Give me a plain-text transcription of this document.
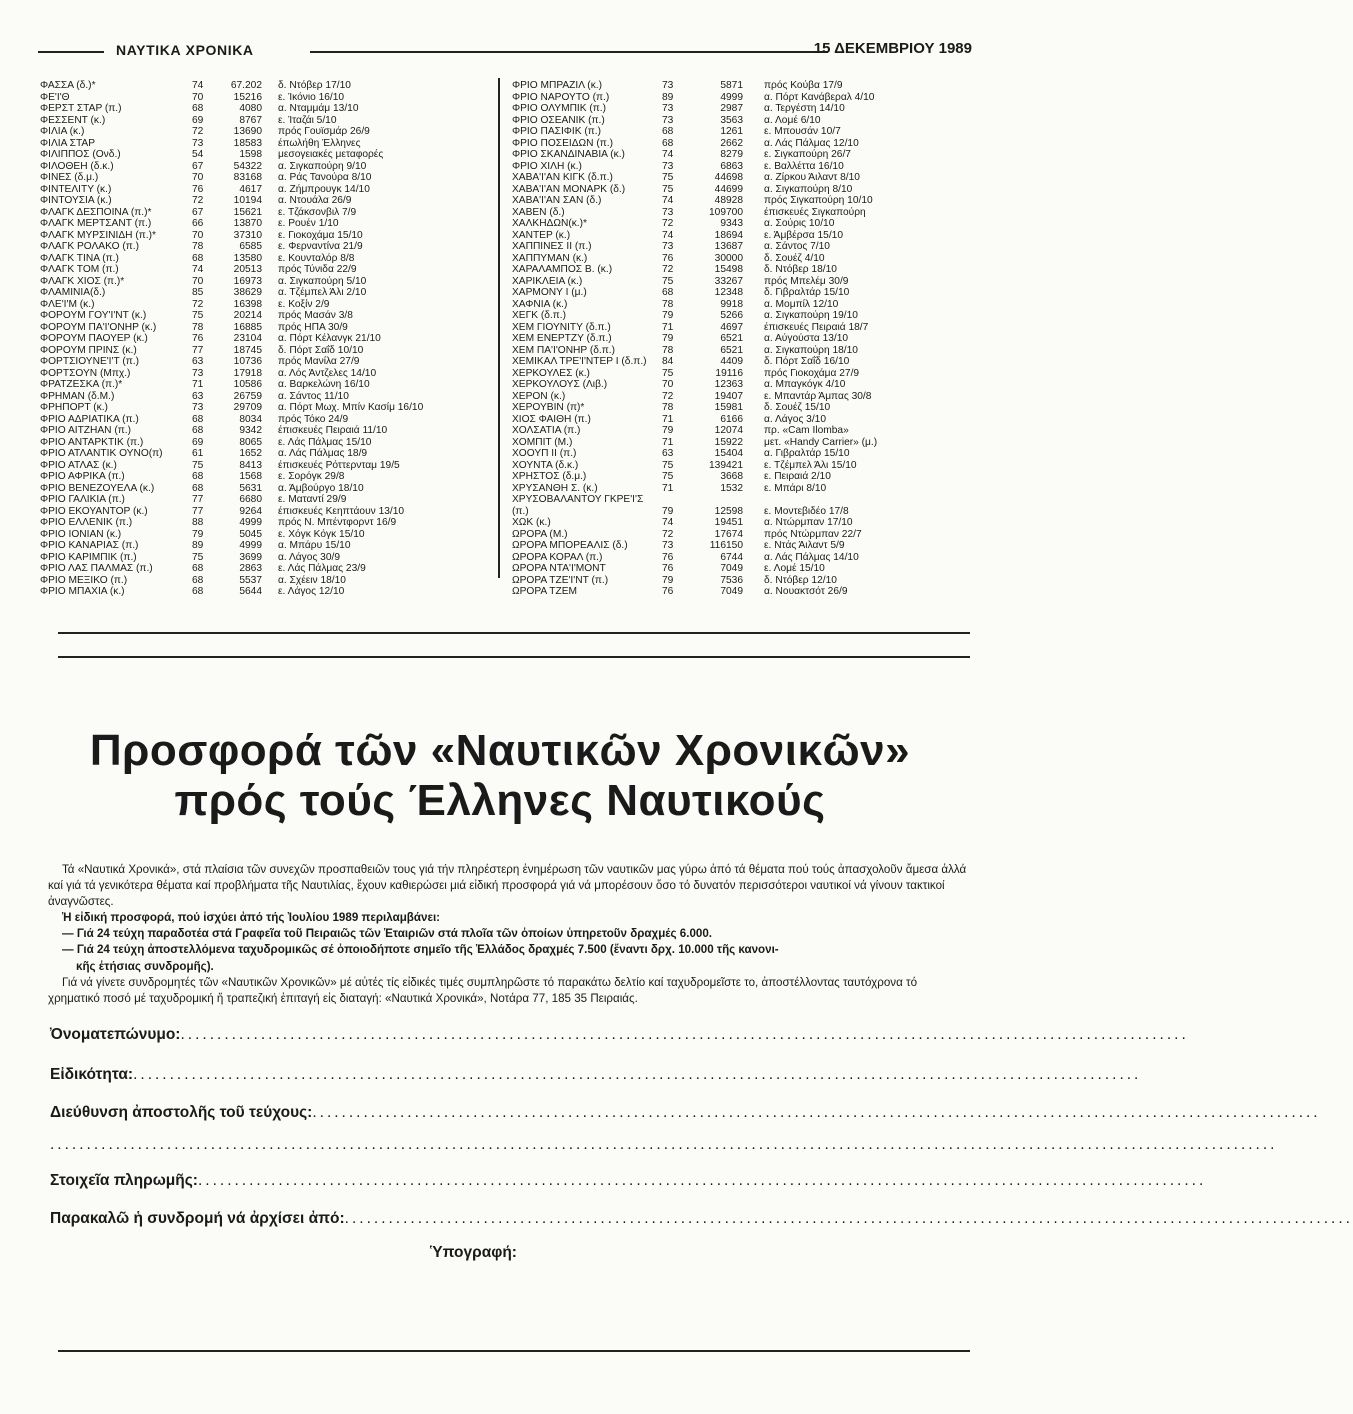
ΝΑΥΤΙΚΑ ΧΡΟΝΙΚΑ	15 ΔΕΚΕΜΒΡΙΟΥ 1989
ΦΑΣΣΑ (δ.)*	74	67.202 δ. Ντόβερ 17/10
ΦΕ'Ι'Θ	70	15216 ε. Ίκόνιο 16/10
ΦΕΡΣΤ ΣΤΑΡ (π.)	68	4080 α. Νταμμάμ 13/10
ΦΕΣΣΕΝΤ (κ.)	69	8767 ε. Ίταζάι 5/10
ΦΙΛΙΑ (κ.)	72	13690 πρός Γουϊσμάρ 26/9
ΦΙΛΙΑ ΣΤΑΡ	73	18583 έπωλήθη Έλληνες
ΦΙΛΙΠΠΟΣ (Ονδ.)	54	1598 μεσογειακές μεταφορές
ΦΙΛΟΘΕΗ (δ.κ.)	67	54322 α. Σιγκαπούρη 9/10
ΦΙΝΕΣ (δ.μ.)	70	83168 α. Ράς Τανούρα 8/10
ΦΙΝΤΕΛΙΤΥ (κ.)	76	4617 α. Ζήμπρουγκ 14/10
ΦΙΝΤΟΥΣΙΑ (κ.)	72	10194 α. Ντουάλα 26/9
ΦΛΑΓΚ ΔΕΣΠΟΙΝΑ (π.)*	67	15621 ε. Τζάκσονβιλ 7/9
ΦΛΑΓΚ ΜΕΡΤΣΑΝΤ (π.)	66	13870 ε. Ρουέν 1/10
ΦΛΑΓΚ ΜΥΡΣΙΝΙΔΗ (π.)*	70	37310 ε. Γιοκοχάμα 15/10
ΦΛΑΓΚ ΡΟΛΑΚΟ (π.)	78	6585 ε. Φερναντίνα 21/9
ΦΛΑΓΚ ΤΙΝΑ (π.)	68	13580 ε. Κουνταλόρ 8/8
ΦΛΑΓΚ ΤΟΜ (π.)	74	20513 πρός Τύνιδα 22/9
ΦΛΑΓΚ ΧΙΟΣ (π.)*	70	16973 α. Σιγκαπούρη 5/10
ΦΛΑΜΙΝΙΑ(δ.)	85	38629 α. Τζέμπελ Άλι 2/10
ΦΛΕ'Ι'Μ (κ.)	72	16398 ε. Κοξίν 2/9
ΦΟΡΟΥΜ ΓΟΥ'Ι'ΝΤ (κ.)	75	20214 πρός Μασάν 3/8
ΦΟΡΟΥΜ ΠΑ'Ι'ΟΝΗΡ (κ.)	78	16885 πρός ΗΠΑ 30/9
ΦΟΡΟΥΜ ΠΑΟΥΕΡ (κ.)	76	23104 α. Πόρτ Κέλανγκ 21/10
ΦΟΡΟΥΜ ΠΡΙΝΣ (κ.)	77	18745 δ. Πόρτ Σαΐδ 10/10
ΦΟΡΤΣΙΟΥΝΕ'Ι'Τ (π.)	63	10736 πρός Μανίλα 27/9
ΦΟΡΤΣΟΥΝ (Μπχ.)	73	17918 α. Λός Άντζελες 14/10
ΦΡΑΤΖΕΣΚΑ (π.)*	71	10586 α. Βαρκελώνη 16/10
ΦΡΗΜΑΝ (δ.Μ.)	63	26759 α. Σάντος 11/10
ΦΡΗΠΟΡΤ (κ.)	73	29709 α. Πόρτ Μωχ. Μπίν Κασίμ 16/10
ΦΡΙΟ ΑΔΡΙΑΤΙΚΑ (π.)	68	8034 πρός Τόκο 24/9
ΦΡΙΟ ΑΙΤΖΗΑΝ (π.)	68	9342 έπισκευές Πειραιά 11/10
ΦΡΙΟ ΑΝΤΑΡΚΤΙΚ (π.)	69	8065 ε. Λάς Πάλμας 15/10
ΦΡΙΟ ΑΤΛΑΝΤΙΚ ΟΥΝΟ(π)	61	1652 α. Λάς Πάλμας 18/9
ΦΡΙΟ ΑΤΛΑΣ (κ.)	75	8413 έπισκευές Ρόττερνταμ 19/5
ΦΡΙΟ ΑΦΡΙΚΑ (π.)	68	1568 ε. Σορόγκ 29/8
ΦΡΙΟ ΒΕΝΕΖΟΥΕΛΑ (κ.)	68	5631 α. Άμβούργο 18/10
ΦΡΙΟ ΓΑΛΙΚΙΑ (π.)	77	6680 ε. Ματαντί 29/9
ΦΡΙΟ ΕΚΟΥΑΝΤΟΡ (κ.)	77	9264 έπισκευές Κεηπτάουν 13/10
ΦΡΙΟ ΕΛΛΕΝΙΚ (π.)	88	4999 πρός Ν. Μπέντφορντ 16/9
ΦΡΙΟ ΙΟΝΙΑΝ (κ.)	79	5045 ε. Χόγκ Κόγκ 15/10
ΦΡΙΟ ΚΑΝΑΡΙΑΣ (π.)	89	4999 α. Μπάρυ 15/10
ΦΡΙΟ ΚΑΡΙΜΠΙΚ (π.)	75	3699 α. Λάγος 30/9
ΦΡΙΟ ΛΑΣ ΠΑΛΜΑΣ (π.)	68	2863 ε. Λάς Πάλμας 23/9
ΦΡΙΟ ΜΕΞΙΚΟ (π.)	68	5537 α. Σχέειν 18/10
ΦΡΙΟ ΜΠΑΧΙΑ (κ.)	68	5644 ε. Λάγος 12/10
ΦΡΙΟ ΜΠΡΑΖΙΛ (κ.)	73	5871 πρός Κούβα 17/9
ΦΡΙΟ ΝΑΡΟΥΤΟ (π.)	89	4999 α. Πόρτ Κανάβεραλ 4/10
ΦΡΙΟ ΟΛΥΜΠΙΚ (π.)	73	2987 α. Τεργέστη 14/10
ΦΡΙΟ ΟΣΕΑΝΙΚ (π.)	73	3563 α. Λομέ 6/10
ΦΡΙΟ ΠΑΣΙΦΙΚ (π.)	68	1261 ε. Μπουσάν 10/7
ΦΡΙΟ ΠΟΣΕΙΔΩΝ (π.)	68	2662 α. Λάς Πάλμας 12/10
ΦΡΙΟ ΣΚΑΝΔΙΝΑΒΙΑ (κ.)	74	8279 ε. Σιγκαπούρη 26/7
ΦΡΙΟ ΧΙΛΗ (κ.)	73	6863 ε. Βαλλέττα 16/10
ΧΑΒΑ'Ι'ΑΝ ΚΙΓΚ (δ.π.)	75	44698 α. Ζίρκου Άιλαντ 8/10
ΧΑΒΑ'Ι'ΑΝ ΜΟΝΑΡΚ (δ.)	75	44699 α. Σιγκαπούρη 8/10
ΧΑΒΑ'Ι'ΑΝ ΣΑΝ (δ.)	74	48928 πρός Σιγκαπούρη 10/10
ΧΑΒΕΝ (δ.)	73	109700 έπισκευές Σιγκαπούρη
ΧΑΛΚΗΔΩΝ(κ.)*	72	9343 α. Σούρις 10/10
ΧΑΝΤΕΡ (κ.)	74	18694 ε. Άμβέρσα 15/10
ΧΑΠΠΙΝΕΣ ΙΙ (π.)	73	13687 α. Σάντος 7/10
ΧΑΠΠΥΜΑΝ (κ.)	76	30000 δ. Σουέζ 4/10
ΧΑΡΑΛΑΜΠΟΣ Β. (κ.)	72	15498 δ. Ντόβερ 18/10
ΧΑΡΙΚΛΕΙΑ (κ.)	75	33267 πρός Μπελέμ 30/9
ΧΑΡΜΟΝΥ Ι (μ.)	68	12348 δ. Γιβραλτάρ 15/10
ΧΑΦΝΙΑ (κ.)	78	9918 α. Μομπίλ 12/10
ΧΕΓΚ (δ.π.)	79	5266 α. Σιγκαπούρη 19/10
ΧΕΜ ΓΙΟΥΝΙΤΥ (δ.π.)	71	4697 έπισκευές Πειραιά 18/7
ΧΕΜ ΕΝΕΡΤΖΥ (δ.π.)	79	6521 α. Αύγούστα 13/10
ΧΕΜ ΠΑ'Ι'ΟΝΗΡ (δ.π.)	78	6521 α. Σιγκαπούρη 18/10
ΧΕΜΙΚΑΛ ΤΡΕ'Ι'ΝΤΕΡ Ι (δ.π.)	84	4409 δ. Πόρτ Σαΐδ 16/10
ΧΕΡΚΟΥΛΕΣ (κ.)	75	19116 πρός Γιοκοχάμα 27/9
ΧΕΡΚΟΥΛΟΥΣ (Λιβ.)	70	12363 α. Μπαγκόγκ 4/10
ΧΕΡΟΝ (κ.)	72	19407 ε. Μπαντάρ Άμπας 30/8
ΧΕΡΟΥΒΙΝ (π)*	78	15981 δ. Σουέζ 15/10
ΧΙΟΣ ΦΑΙΘΗ (π.)	71	6166 α. Λάγος 3/10
ΧΟΛΣΑΤΙΑ (π.)	79	12074 πρ. «Cam Ilomba»
ΧΟΜΠΙΤ (Μ.)	71	15922 μετ. «Handy Carrier» (μ.)
ΧΟΟΥΠ ΙΙ (π.)	63	15404 α. Γιβραλτάρ 15/10
ΧΟΥΝΤΑ (δ.κ.)	75	139421 ε. Τζέμπελ Άλι 15/10
ΧΡΗΣΤΟΣ (δ.μ.)	75	3668 ε. Πειραιά 2/10
ΧΡΥΣΑΝΘΗ Σ. (κ.)	71	1532 ε. Μπάρι 8/10
ΧΡΥΣΟΒΑΛΑΝΤΟΥ ΓΚΡΕ'Ι'Σ
(π.)	79	12598 ε. Μοντεβιδέο 17/8
ΧΩΚ (κ.)	74	19451 α. Ντώρμπαν 17/10
ΩΡΟΡΑ (Μ.)	72	17674 πρός Ντώρμπαν 22/7
ΩΡΟΡΑ ΜΠΟΡΕΑΛΙΣ (δ.)	73	116150 ε. Ντάς Άιλαντ 5/9
ΩΡΟΡΑ ΚΟΡΑΛ (π.)	76	6744 α. Λάς Πάλμας 14/10
ΩΡΟΡΑ ΝΤΑ'Ι'ΜΟΝΤ	76	7049 ε. Λομέ 15/10
ΩΡΟΡΑ ΤΖΕ'Ι'ΝΤ (π.)	79	7536 δ. Ντόβερ 12/10
ΩΡΟΡΑ ΤΖΕΜ	76	7049 α. Νουακτσότ 26/9
Προσφορά τῶν «Ναυτικῶν Χρονικῶν»
πρός τούς Έλληνες Ναυτικούς

Τά «Ναυτικά Χρονικά», στά πλαίσια τῶν συνεχῶν προσπαθειῶν τους γιά τήν πληρέστερη ἐνημέρωση τῶν ναυτικῶν μας γύρω ἀπό τά θέματα πού τούς ἀπασχολοῦν ἄμεσα ἀλλά καί γιά τά γενικότερα θέματα καί προβλήματα τῆς Ναυτιλίας, ἔχουν καθιερώσει μιά εἰδική προσφορά γιά νά μπορέσουν ὅσο τό δυνατόν περισσότεροι ναυτικοί νά γίνουν τακτικοί ἀναγνῶστες.

Ἡ εἰδική προσφορά, πού ἰσχύει ἀπό τής Ἰουλίου 1989 περιλαμβάνει:

— Γιά 24 τεύχη παραδοτέα στά Γραφεῖα τοῦ Πειραιῶς τῶν Ἑταιριῶν στά πλοῖα τῶν ὁποίων ὑπηρετοῦν δραχμές 6.000.

— Γιά 24 τεύχη ἀποστελλόμενα ταχυδρομικῶς σέ ὁποιοδήποτε σημεῖο τῆς Ἑλλάδος δραχμές 7.500 (ἔναντι δρχ. 10.000 τῆς κανονι-
κῆς ἐτήσιας συνδρομῆς).

Γιά νά γίνετε συνδρομητές τῶν «Ναυτικῶν Χρονικῶν» μέ αὐτές τίς εἰδικές τιμές συμπληρῶστε τό παρακάτω δελτίο καί ταχυδρομεῖστε το, ἀποστέλλοντας ταυτόχρονα τό χρηματικό ποσό μέ ταχυδρομική ἤ τραπεζική ἐπιταγή εἰς διαταγή: «Ναυτικά Χρονικά», Νοτάρα 77, 185 35 Πειραιάς.

Ὀνοματεπώνυμο:..........................................................................................................................................
Εἰδικότητα:..........................................................................................................................................
Διεύθυνση ἀποστολῆς τοῦ τεύχους:..........................................................................................................................................
........................................................................................................................................................................
Στοιχεῖα πληρωμῆς:..........................................................................................................................................
Παρακαλῶ ἡ συνδρομή νά ἀρχίσει ἀπό:..........................................................................................................................................
Ὑπογραφή:
